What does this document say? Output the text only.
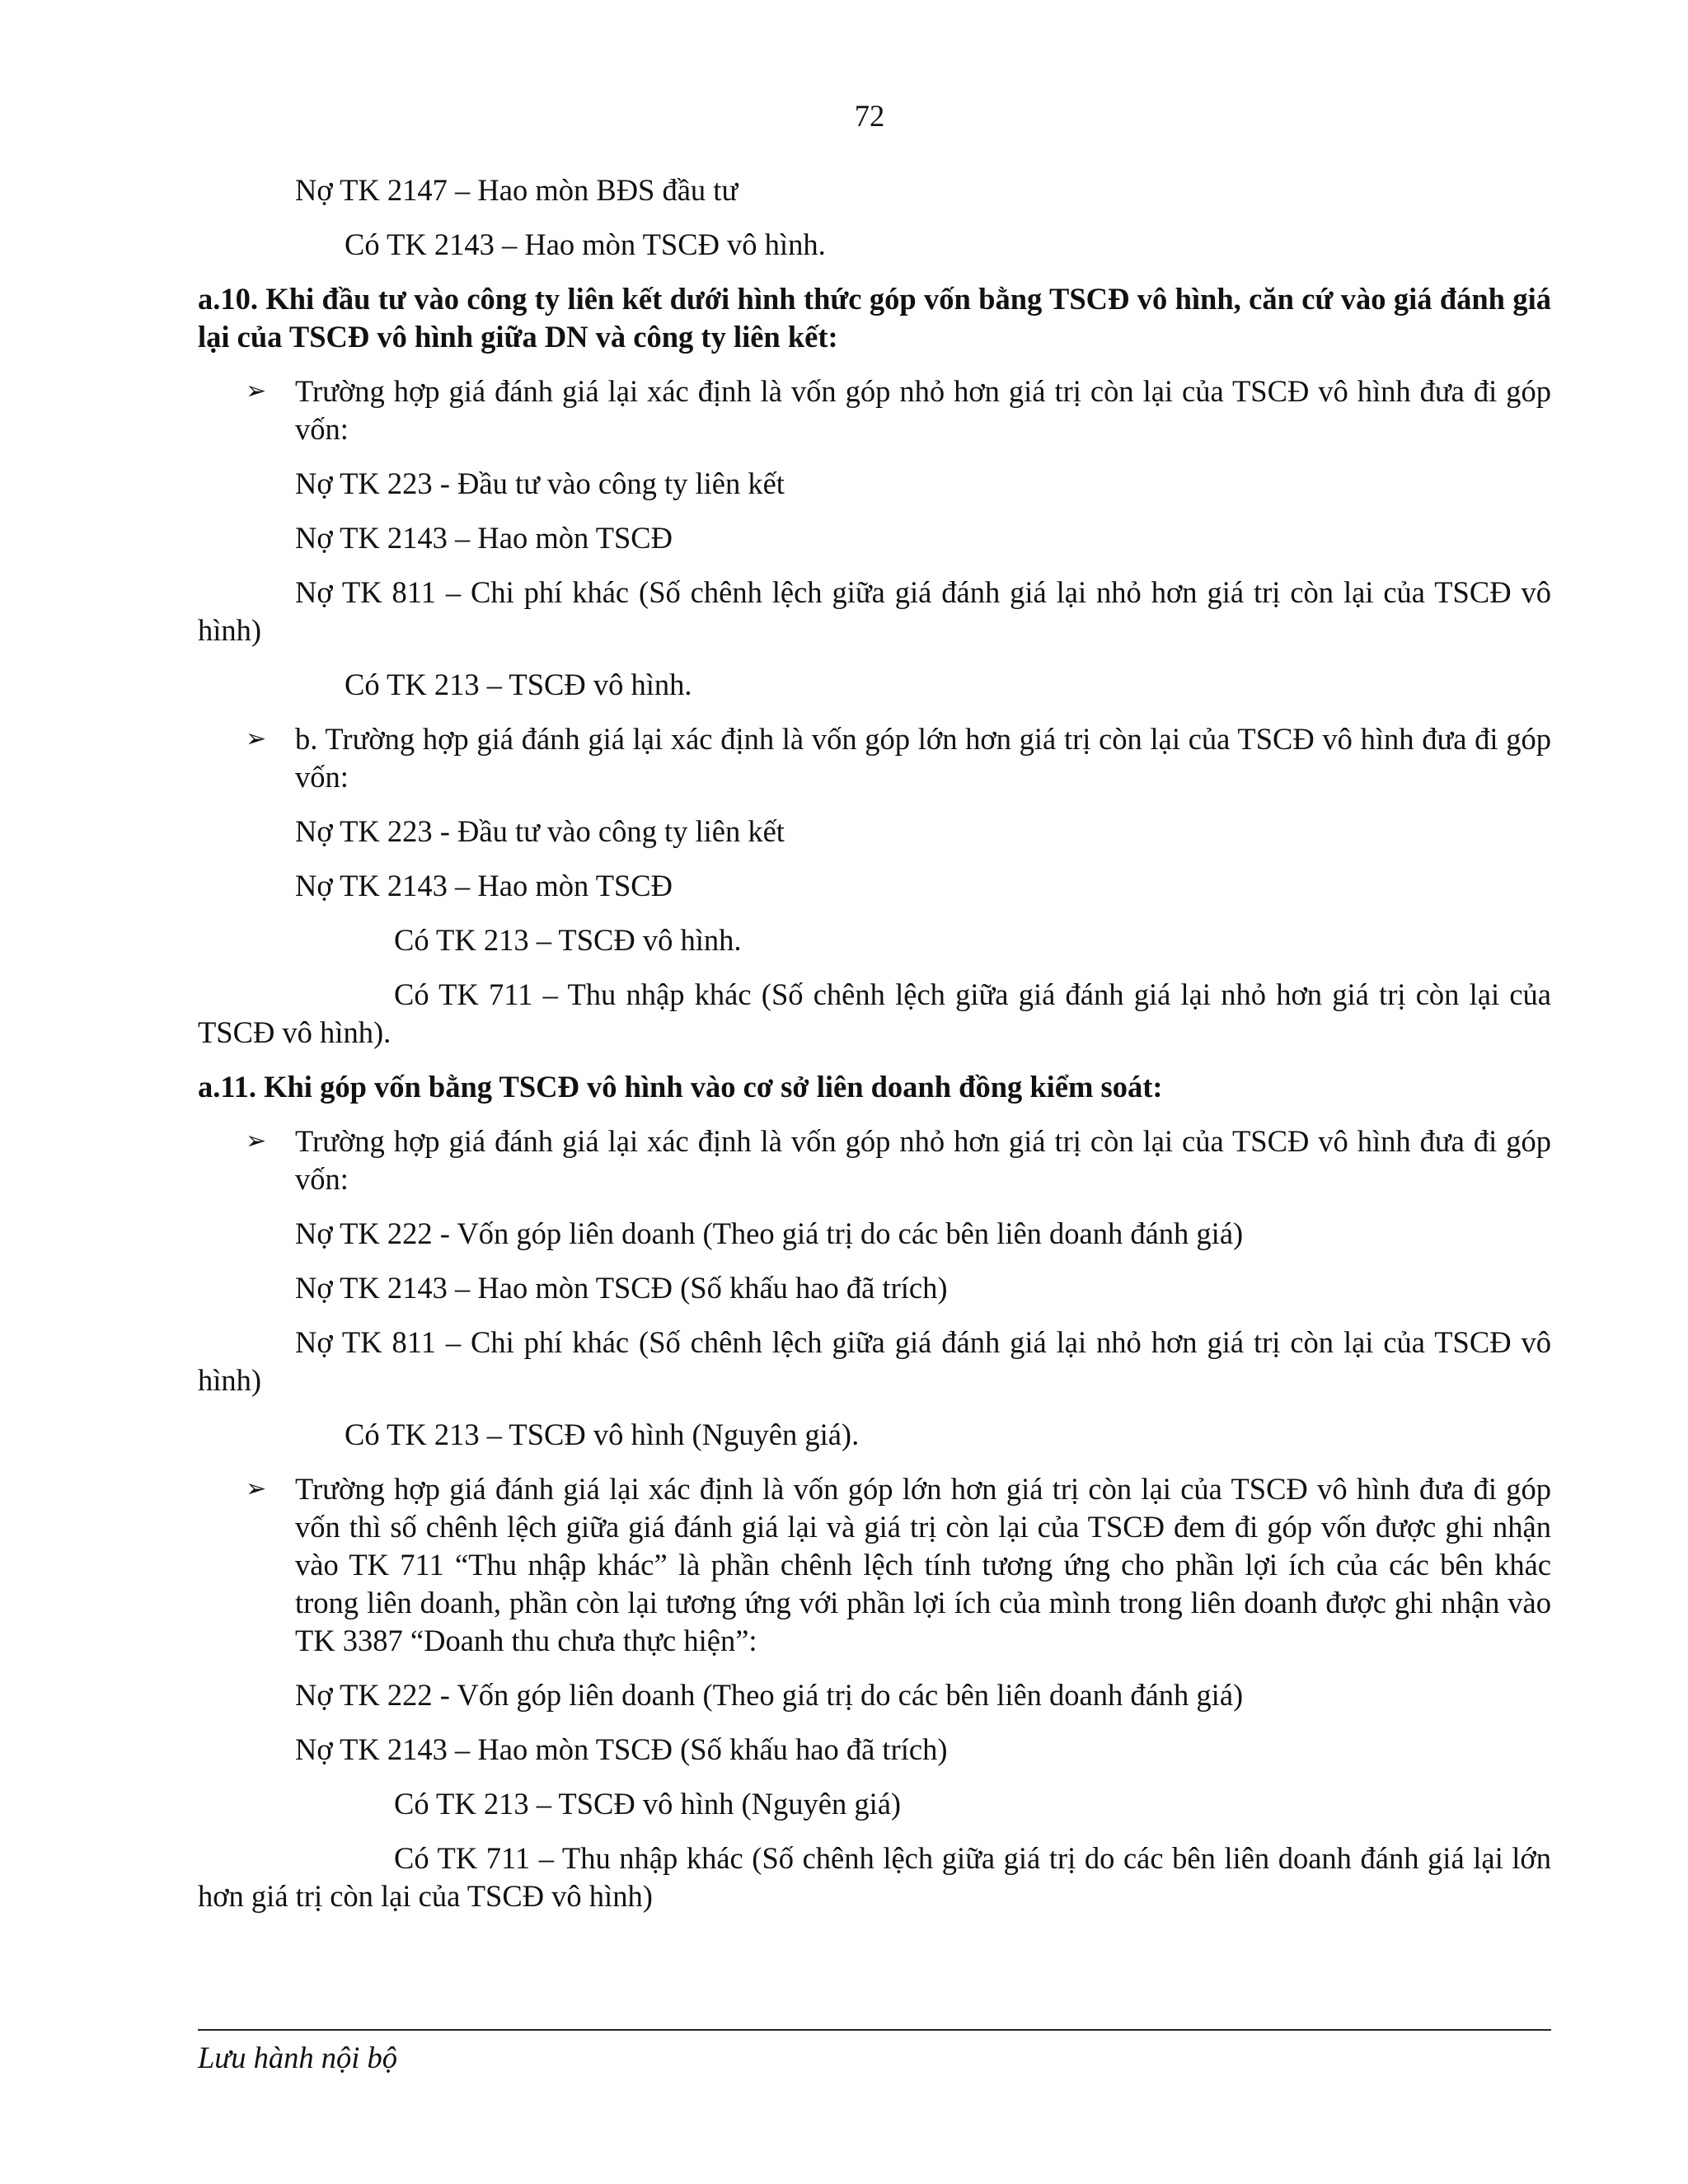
72
Nợ TK 2147 – Hao mòn BĐS đầu tư
Có TK 2143 – Hao mòn TSCĐ vô hình.
a.10. Khi đầu tư vào công ty liên kết dưới hình thức góp vốn bằng TSCĐ vô hình, căn cứ vào giá đánh giá lại của TSCĐ vô hình giữa DN và công ty liên kết:
➢ Trường hợp giá đánh giá lại xác định là vốn góp nhỏ hơn giá trị còn lại của TSCĐ vô hình đưa đi góp vốn:
Nợ TK 223 - Đầu tư vào công ty liên kết
Nợ TK 2143 – Hao mòn TSCĐ
Nợ TK 811 – Chi phí khác (Số chênh lệch giữa giá đánh giá lại nhỏ hơn giá trị còn lại của TSCĐ vô hình)
Có TK 213 – TSCĐ vô hình.
➢ b. Trường hợp giá đánh giá lại xác định là vốn góp lớn hơn giá trị còn lại của TSCĐ vô hình đưa đi góp vốn:
Nợ TK 223 - Đầu tư vào công ty liên kết
Nợ TK 2143 – Hao mòn TSCĐ
Có TK 213 – TSCĐ vô hình.
Có TK 711 – Thu nhập khác (Số chênh lệch giữa giá đánh giá lại nhỏ hơn giá trị còn lại của TSCĐ vô hình).
a.11. Khi góp vốn bằng TSCĐ vô hình vào cơ sở liên doanh đồng kiểm soát:
➢ Trường hợp giá đánh giá lại xác định là vốn góp nhỏ hơn giá trị còn lại của TSCĐ vô hình đưa đi góp vốn:
Nợ TK 222 - Vốn góp liên doanh (Theo giá trị do các bên liên doanh đánh giá)
Nợ TK 2143 – Hao mòn TSCĐ (Số khấu hao đã trích)
Nợ TK 811 – Chi phí khác (Số chênh lệch giữa giá đánh giá lại nhỏ hơn giá trị còn lại của TSCĐ vô hình)
Có TK 213 – TSCĐ vô hình (Nguyên giá).
➢ Trường hợp giá đánh giá lại xác định là vốn góp lớn hơn giá trị còn lại của TSCĐ vô hình đưa đi góp vốn thì số chênh lệch giữa giá đánh giá lại và giá trị còn lại của TSCĐ đem đi góp vốn được ghi nhận vào TK 711 “Thu nhập khác” là phần chênh lệch tính tương ứng cho phần lợi ích của các bên khác trong liên doanh, phần còn lại tương ứng với phần lợi ích của mình trong liên doanh được ghi nhận vào TK 3387 “Doanh thu chưa thực hiện”:
Nợ TK 222 - Vốn góp liên doanh (Theo giá trị do các bên liên doanh đánh giá)
Nợ TK 2143 – Hao mòn TSCĐ (Số khấu hao đã trích)
Có TK 213 – TSCĐ vô hình (Nguyên giá)
Có TK 711 – Thu nhập khác (Số chênh lệch giữa giá trị do các bên liên doanh đánh giá lại lớn hơn giá trị còn lại của TSCĐ vô hình)
Lưu hành nội bộ
